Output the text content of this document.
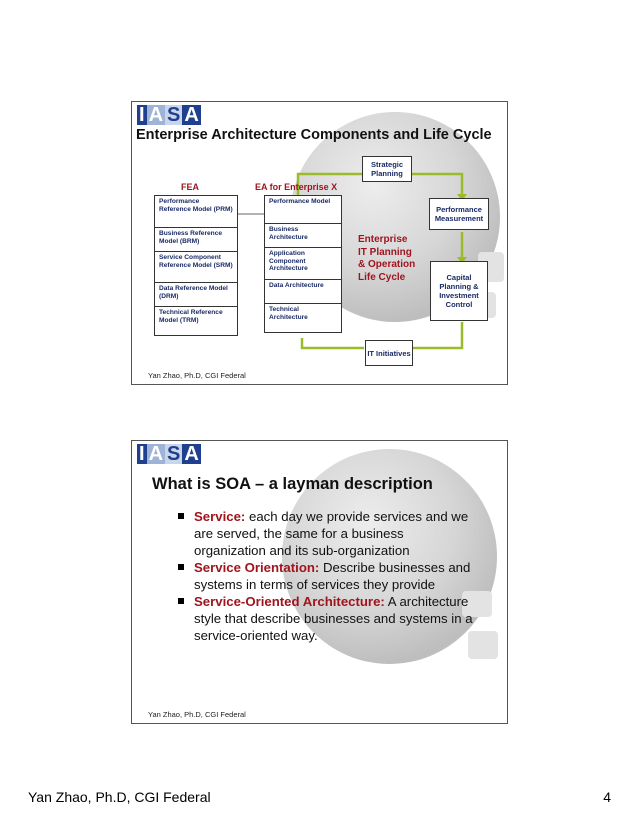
I A S A
Enterprise Architecture Components and Life Cycle
FEA	EA for Enterprise X
Performance Reference Model (PRM)
Business Reference Model (BRM)
Service Component Reference Model (SRM)
Data Reference Model (DRM)
Technical Reference Model (TRM)
Performance Model
Business Architecture
Application Component Architecture
Data Architecture
Technical Architecture
Strategic Planning
Performance Measurement
Capital Planning & Investment Control
IT Initiatives
Enterprise
IT Planning
& Operation
Life Cycle
Yan Zhao, Ph.D, CGI Federal
I A S A
What is SOA – a layman description
Service: each day we provide services and we are served, the same for a business organization and its sub-organization
Service Orientation: Describe businesses and systems in terms of services they provide
Service-Oriented Architecture: A architecture style that describe businesses and systems in a service-oriented way.
Yan Zhao, Ph.D, CGI Federal
Yan Zhao, Ph.D, CGI Federal	4
